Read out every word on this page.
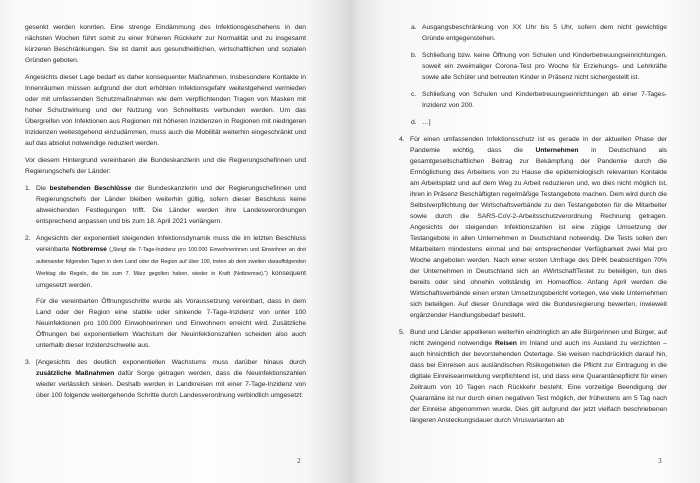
gesenkt werden konnten. Eine strenge Eindämmung des Infektionsgeschehens in den nächsten Wochen führt somit zu einer früheren Rückkehr zur Normalität und zu insgesamt kürzeren Beschränkungen. Sie ist damit aus gesundheitlichen, wirtschaftlichen und sozialen Gründen geboten.

Angesichts dieser Lage bedarf es daher konsequenter Maßnahmen. Insbesondere Kontakte in Innenräumen müssen aufgrund der dort erhöhten Infektionsgefahr weitestgehend vermieden oder mit umfassenden Schutzmaßnahmen wie dem verpflichtenden Tragen von Masken mit hoher Schutzwirkung und der Nutzung von Schnelltests verbunden werden. Um das Übergreifen von Infektionen aus Regionen mit höheren Inzidenzen in Regionen mit niedrigeren Inzidenzen weitestgehend einzudämmen, muss auch die Mobilität weiterhin eingeschränkt und auf das absolut notwendige reduziert werden.

Vor diesem Hintergrund vereinbaren die Bundeskanzlerin und die Regierungschefinnen und Regierungschefs der Länder:

1. Die bestehenden Beschlüsse der Bundeskanzlerin und der Regierungschefinnen und Regierungschefs der Länder bleiben weiterhin gültig, sofern dieser Beschluss keine abweichenden Festlegungen trifft. Die Länder werden ihre Landesverordnungen entsprechend anpassen und bis zum 18. April 2021 verlängern.
2. Angesichts der exponentiell steigenden Infektionsdynamik muss die im letzten Beschluss vereinbarte Notbremse („Steigt die 7-Tage-Inzidenz pro 100.000 Einwohnerinnen und Einwohner an drei aufeinander folgenden Tagen in dem Land oder der Region auf über 100, treten ab dem zweiten darauffolgenden Werktag die Regeln, die bis zum 7. März gegolten haben, wieder in Kraft (Notbremse).“) konsequent umgesetzt werden.

Für die vereinbarten Öffnungsschritte wurde als Voraussetzung vereinbart, dass in dem Land oder der Region eine stabile oder sinkende 7-Tage-Inzidenz von unter 100 Neuinfektionen pro 100.000 Einwohnerinnen und Einwohnern erreicht wird. Zusätzliche Öffnungen bei exponentiellem Wachstum der Neuinfektionszahlen scheiden also auch unterhalb dieser Inzidenzschwelle aus.

3. [Angesichts des deutlich exponentiellen Wachstums muss darüber hinaus durch zusätzliche Maßnahmen dafür Sorge getragen werden, dass die Neuinfektionszahlen wieder verlässlich sinken. Deshalb werden in Landkreisen mit einer 7-Tage-Inzidenz von über 100 folgende weitergehende Schritte durch Landesverordnung verbindlich umgesetzt:
2
a. Ausgangsbeschränkung von XX Uhr bis 5 Uhr, sofern dem nicht gewichtige Gründe entgegenstehen.
b. Schließung bzw. keine Öffnung von Schulen und Kinderbetreuungseinrichtungen, soweit ein zweimaliger Corona-Test pro Woche für Erziehungs- und Lehrkräfte sowie alle Schüler und betreuten Kinder in Präsenz nicht sichergestellt ist.
c. Schließung von Schulen und Kinderbetreuungseinrichtungen ab einer 7-Tages-Inzidenz von 200.
d. …]
4. Für einen umfassenden Infektionsschutz ist es gerade in der aktuellen Phase der Pandemie wichtig, dass die Unternehmen in Deutschland als gesamtgesellschaftlichen Beitrag zur Bekämpfung der Pandemie durch die Ermöglichung des Arbeitens von zu Hause die epidemiologisch relevanten Kontakte am Arbeitsplatz und auf dem Weg zu Arbeit reduzieren und, wo dies nicht möglich ist, ihren in Präsenz Beschäftigten regelmäßige Testangebote machen. Dem wird durch die Selbstverpflichtung der Wirtschaftsverbände zu den Testangeboten für die Mitarbeiter sowie durch die SARS-CoV-2-Arbeitsschutzverordnung Rechnung getragen. Angesichts der steigenden Infektionszahlen ist eine zügige Umsetzung der Testangebote in allen Unternehmen in Deutschland notwendig. Die Tests sollen den Mitarbeitern mindestens einmal und bei entsprechender Verfügbarkeit zwei Mal pro Woche angeboten werden. Nach einer ersten Umfrage des DIHK beabsichtigen 70% der Unternehmen in Deutschland sich an #WirtschaftTestet zu beteiligen, tun dies bereits oder sind ohnehin vollständig im Homeoffice. Anfang April werden die Wirtschaftsverbände einen ersten Umsetzungsbericht vorlegen, wie viele Unternehmen sich beteiligen. Auf dieser Grundlage wird die Bundesregierung bewerten, inwieweit ergänzender Handlungsbedarf besteht.
5. Bund und Länder appellieren weiterhin eindringlich an alle Bürgerinnen und Bürger, auf nicht zwingend notwendige Reisen im Inland und auch ins Ausland zu verzichten – auch hinsichtlich der bevorstehenden Ostertage. Sie weisen nachdrücklich darauf hin, dass bei Einreisen aus ausländischen Risikogebieten die Pflicht zur Eintragung in die digitale Einreiseanmeldung verpflichtend ist, und dass eine Quarantänepflicht für einen Zeitraum von 10 Tagen nach Rückkehr besteht. Eine vorzeitige Beendigung der Quarantäne ist nur durch einen negativen Test möglich, der frühestens am 5 Tag nach der Einreise abgenommen wurde. Dies gilt aufgrund der jetzt vielfach beschriebenen längeren Ansteckungsdauer durch Virusvarianten ab
3
